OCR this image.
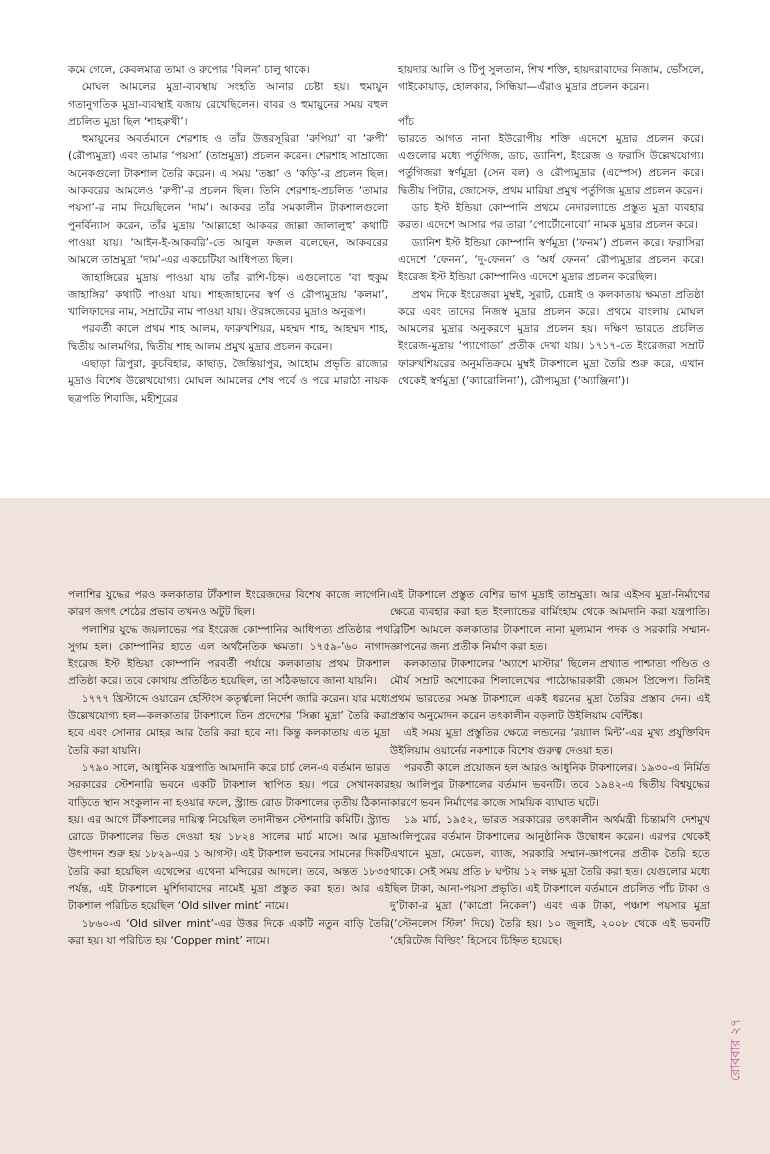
কমে গেলে, কেবলমাত্র তামা ও রুপোর ‘বিলন’ চালু থাকে।

মোঘল আমলের মুদ্রা-ব্যবস্থায় সংহতি আনার চেষ্টা হয়। হুমায়ুন গতানুগতিক মুদ্রা-ব্যবস্থাই বজায় রেখেছিলেন। বাবর ও হুমায়ুনের সময় বহুল প্রচলিত মুদ্রা ছিল ‘শাহরুখী’।

হুমায়ুনের অবর্তমানে শেরশাহ ও তাঁর উত্তরসূরিরা ‘রুপিয়া’ বা ‘রুপী’ (রৌপ্যমুদ্রা) এবং তামার ‘পয়সা’ (তাম্রমুদ্রা) প্রচলন করেন। শেরশাহ সাম্রাজ্যে অনেকগুলো টাকশাল তৈরি করেন। এ সময় ‘তঙ্কা’ ও ‘কড়ি’-র প্রচলন ছিল। আকবরের আমলেও ‘রুপী’-র প্রচলন ছিল। তিনি শেরশাহ-প্রচলিত ‘তামার পয়সা’-র নাম দিয়েছিলেন ‘দাম’। আকবর তাঁর সমকালীন টাকশালগুলো পুনর্বিন্যাস করেন, তাঁর মুদ্রায় ‘আল্লাহো আকবর জাল্লা জালালুহু’ কথাটি পাওয়া যায়। ‘আইন-ই-আকবরি’-তে আবুল ফজল বলেছেন, আকবরের আমলে তাম্রমুদ্রা ‘দাম’-এর একচেটিয়া আধিপত্য ছিল।

জাহাঙ্গিরের মুদ্রায় পাওয়া যায় তাঁর রাশি-চিহ্ন। এগুলোতে ‘বা হুকুম জাহাঙ্গির’ কথাটি পাওয়া যায়। শাহজাহানের স্বর্ণ ও রৌপ্যমুদ্রায় ‘কলমা’, খালিফাদের নাম, সম্রাটের নাম পাওয়া যায়। ঔরঙ্গজেবের মুদ্রাও অনুরূপ।

পরবর্তী কালে প্রথম শাহ আলম, ফারুখশিয়র, মহম্মদ শাহ, আহম্মদ শাহ, দ্বিতীয় আলমগির, দ্বিতীয় শাহ আলম প্রমুখ মুদ্রার প্রচলন করেন।

এছাড়া ত্রিপুরা, কুচবিহার, কাছাড়, জৈন্তিয়াপুর, আহোম প্রভৃতি রাজ্যের মুদ্রাও বিশেষ উল্লেখযোগ্য। মোঘল আমলের শেষ পর্বে ও পরে মারাঠা নায়ক ছত্রপতি শিবাজি, মহীশূরের

হায়দার আলি ও টিপু সুলতান, শিখ শক্তি, হায়দরাবাদের নিজাম, ভোঁসলে, গাইকোয়াড়, হোলকার, সিন্ধিয়া—এঁরাও মুদ্রার প্রচলন করেন।

পাঁচ

ভারতে আগত নানা ইউরোপীয় শক্তি এদেশে মুদ্রার প্রচলন করে। এগুলোর মধ্যে পর্তুগিজ, ডাচ, ড্যানিশ, ইংরেজ ও ফরাসি উল্লেখযোগ্য। পর্তুগিজরা স্বর্ণমুদ্রা (সেন বল) ও রৌপ্যমুদ্রার (এস্পেস) প্রচলন করে। দ্বিতীয় পিটার, জোসেফ, প্রথম মারিয়া প্রমুখ পর্তুগিজ মুদ্রার প্রচলন করেন।

ডাচ ইস্ট ইন্ডিয়া কোম্পানি প্রথমে নেদারল্যান্ডে প্রস্তুত মুদ্রা ব্যবহার করত। এদেশে আসার পর তারা ‘পোর্টোনোবো’ নামক মুদ্রার প্রচলন করে।

ড্যানিশ ইস্ট ইন্ডিয়া কোম্পানি স্বর্ণমুদ্রা (‘ফনম’) প্রচলন করে। ফরাসিরা এদেশে ‘ফেনন’, ‘দু-ফেনন’ ও ‘অর্ধ ফেনন’ রৌপ্যমুদ্রার প্রচলন করে। ইংরেজ ইস্ট ইন্ডিয়া কোম্পানিও এদেশে মুদ্রার প্রচলন করেছিল।

প্রথম দিকে ইংরেজরা মুম্বই, সুরাট, চেন্নাই ও কলকাতায় ক্ষমতা প্রতিষ্ঠা করে এবং তাদের নিজস্ব মুদ্রার প্রচলন করে। প্রথমে বাংলায় মোঘল আমলের মুদ্রার অনুকরণে মুদ্রার প্রচলন হয়। দক্ষিণ ভারতে প্রচলিত ইংরেজ-মুদ্রায় ‘প্যাগোডা’ প্রতীক দেখা যায়। ১৭১৭-তে ইংরেজরা সম্রাট ফারুখশিয়রের অনুমতিক্রমে মুম্বই টাকশালে মুদ্রা তৈরি শুরু করে, এখান থেকেই স্বর্ণমুদ্রা (‘ক্যারোলিনা’), রৌপ্যমুদ্রা (‘অ্যাঞ্জিনা’)।

পলাশির যুদ্ধের পরও কলকাতার টাঁকশাল ইংরেজদের বিশেষ কাজে লাগেনি। কারণ জগৎ শেঠের প্রভাব তখনও অটুট ছিল।

পলাশির যুদ্ধে জয়লাভের পর ইংরেজ কোম্পানির আধিপত্য প্রতিষ্ঠার পথ সুগম হল। কোম্পানির হাতে এল অর্থনৈতিক ক্ষমতা। ১৭৫৯-’৬০ নাগাদ ইংরেজ ইস্ট ইন্ডিয়া কোম্পানি পরবর্তী পর্যায়ে কলকাতায় প্রথম টাকশাল প্রতিষ্ঠা করে। তবে কোথায় প্রতিষ্ঠিত হয়েছিল, তা সঠিকভাবে জানা যায়নি।

১৭৭৭ খ্রিস্টাব্দে ওয়ারেন হেস্টিংস কতৃর্ত্বলো নির্দেশ জারি করেন। যার মধ্যে উল্লেখযোগ্য হল—কলকাতার টাকশালে তিন প্রদেশের ‘সিক্কা মুদ্রা’ তৈরি করা হবে এবং সোনার মোহর আর তৈরি করা হবে না। কিন্তু কলকাতায় এত মুদ্রা তৈরি করা যায়নি।

১৭৯০ সালে, আধুনিক যন্ত্রপাতি আমদানি করে চার্চ লেন-এ বর্তমান ভারত সরকারের স্টেশনারি ভবনে একটি টাকশাল স্থাপিত হয়। পরে সেখানকার বাড়িতে স্থান সংকুলান না হওয়ার ফলে, স্ট্র্যান্ড রোড টাকশালের তৃতীয় ঠিকানা হয়। এর আগে টাঁকশালের দায়িত্ব নিয়েছিল তদানীন্তন স্টেশনারি কমিটি। স্ট্র্যান্ড রোডে টাকশালের ভিত দেওয়া হয় ১৮২৪ সালের মার্চ মাসে। আর মুদ্রা উৎপাদন শুরু হয় ১৮২৯-এর ১ আগস্ট। এই টাকশাল ভবনের সামনের দিকটি তৈরি করা হয়েছিল এথেন্সের এথেনা মন্দিরের আদলে। তবে, অন্তত ১৮৩৫ পর্যন্ত, এই টাকশালে মুর্শিদাবাদের নামেই মুদ্রা প্রস্তুত করা হত। আর এই টাকশাল পরিচিত হয়েছিল ‘Old silver mint’ নামে।

১৮৬০-এ ‘Old silver mint’-এর উত্তর দিকে একটি নতুন বাড়ি তৈরি করা হয়। যা পরিচিত হয় ‘Copper mint’ নামে।

এই টাকশালে প্রস্তুত বেশির ভাগ মুদ্রাই তাম্রমুদ্রা। আর এইসব মুদ্রা-নির্মাণের ক্ষেত্রে ব্যবহার করা হত ইংল্যান্ডের বার্মিংহাম থেকে আমদানি করা যন্ত্রপাতি। ব্রিটিশ আমলে কলকাতার টাকশালে নানা মূল্যমান পদক ও সরকারি সম্মান-জ্ঞাপনের জন্য প্রতীক নির্মাণ করা হত।

কলকাতার টাকশালের ‘অ্যাশে মাস্টার’ ছিলেন প্রখ্যাত পাশ্চাত্য পণ্ডিত ও মৌর্য সম্রাট অশোকের শিলালেখের পাঠোদ্ধারকারী জেমস প্রিন্সেপ। তিনিই প্রথম ভারতের সমস্ত টাকশালে একই ধরনের মুদ্রা তৈরির প্রস্তাব দেন। এই প্রস্তাব অনুমোদন করেন তৎকালীন বড়লাট উইলিয়াম বেন্টিঙ্ক।

এই সময় মুদ্রা প্রস্তুতির ক্ষেত্রে লন্ডনের ‘রয়্যাল মিন্ট’-এর মুখ্য প্রযুক্তিবিদ উইলিয়াম ওয়ার্নের নকশাকে বিশেষ গুরুত্ব দেওয়া হত।

পরবর্তী কালে প্রয়োজন হল আরও আধুনিক টাকশালের। ১৯৩০-এ নির্মিত হয় আলিপুর টাকশালের বর্তমান ভবনটি। তবে ১৯৪২-এ দ্বিতীয় বিশ্বযুদ্ধের কারণে ভবন নির্মাণের কাজে সাময়িক ব্যাঘাত ঘটে।

১৯ মার্চ, ১৯৫২, ভারত সরকারের তৎকালীন অর্থমন্ত্রী চিন্তামণি দেশমুখ আলিপুরের বর্তমান টাকশালের আনুষ্ঠানিক উদ্বোধন করেন। এরপর থেকেই এখানে মুদ্রা, মেডেল, ব্যাজ, সরকারি সম্মান-জ্ঞাপনের প্রতীক তৈরি হতে থাকে। সেই সময় প্রতি ৮ ঘণ্টায় ১২ লক্ষ মুদ্রা তৈরি করা হত। যেগুলোর মধ্যে ছিল টাকা, আনা-পয়সা প্রভৃতি। এই টাকশালে বর্তমানে প্রচলিত পাঁচ টাকা ও দু’টাকা-র মুদ্রা (‘কাপ্রো নিকেল’) এবং এক টাকা, পঞ্চাশ পয়সার মুদ্রা (‘স্টেনলেস স্টিল’ দিয়ে) তৈরি হয়। ১০ জুলাই, ২০০৮ থেকে এই ভবনটি ‘হেরিটেজ বিল্ডিং’ হিসেবে চিহ্নিত হয়েছে।

রোববার ২৭
